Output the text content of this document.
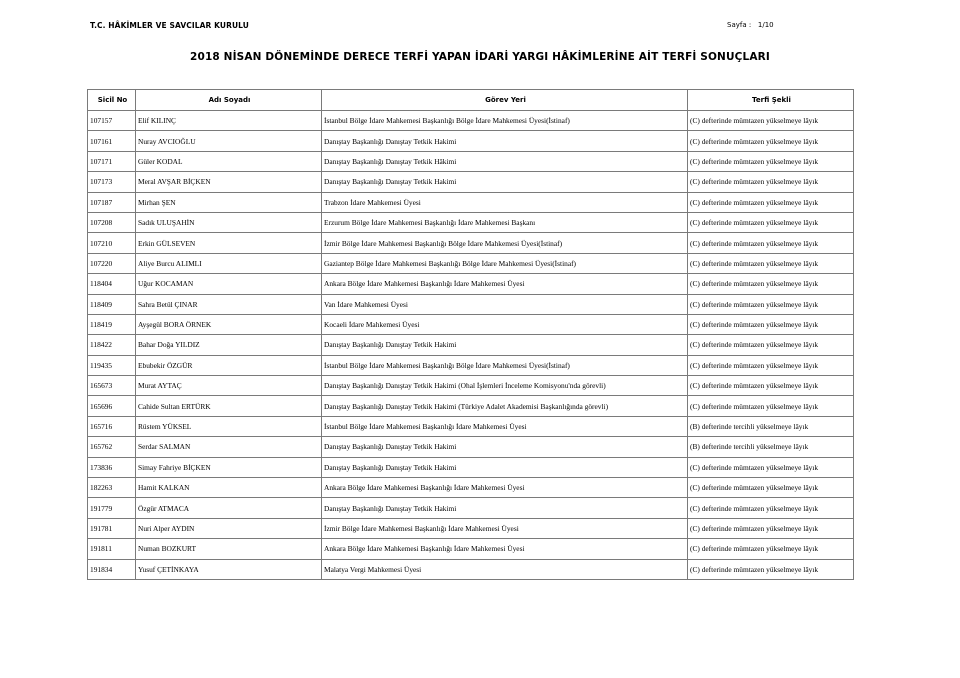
T.C. HÂKİMLER VE SAVCILAR KURULU	Sayfa : 1/10
2018 NİSAN DÖNEMİNDE DERECE TERFİ YAPAN İDARİ YARGI HÂKİMLERİNE AİT TERFİ SONUÇLARI
Sicil No	Adı Soyadı	Görev Yeri	Terfi Şekli
107157	Elif KILINÇ	İstanbul Bölge İdare Mahkemesi Başkanlığı Bölge İdare Mahkemesi Üyesi(İstinaf)	(C) defterinde mümtazen yükselmeye lâyık
107161	Nuray AVCIOĞLU	Danıştay Başkanlığı Danıştay Tetkik Hakimi	(C) defterinde mümtazen yükselmeye lâyık
107171	Güler KODAL	Danıştay Başkanlığı Danıştay Tetkik Hâkimi	(C) defterinde mümtazen yükselmeye lâyık
107173	Meral AVŞAR BİÇKEN	Danıştay Başkanlığı Danıştay Tetkik Hakimi	(C) defterinde mümtazen yükselmeye lâyık
107187	Mirhan ŞEN	Trabzon İdare Mahkemesi Üyesi	(C) defterinde mümtazen yükselmeye lâyık
107208	Sadık ULUŞAHİN	Erzurum Bölge İdare Mahkemesi Başkanlığı İdare Mahkemesi Başkanı	(C) defterinde mümtazen yükselmeye lâyık
107210	Erkin GÜLSEVEN	İzmir Bölge İdare Mahkemesi Başkanlığı Bölge İdare Mahkemesi Üyesi(İstinaf)	(C) defterinde mümtazen yükselmeye lâyık
107220	Aliye Burcu ALIMLI	Gaziantep Bölge İdare Mahkemesi Başkanlığı Bölge İdare Mahkemesi Üyesi(İstinaf)	(C) defterinde mümtazen yükselmeye lâyık
118404	Uğur KOCAMAN	Ankara Bölge İdare Mahkemesi Başkanlığı İdare Mahkemesi Üyesi	(C) defterinde mümtazen yükselmeye lâyık
118409	Sahra Betül ÇINAR	Van İdare Mahkemesi Üyesi	(C) defterinde mümtazen yükselmeye lâyık
118419	Ayşegül BORA ÖRNEK	Kocaeli İdare Mahkemesi Üyesi	(C) defterinde mümtazen yükselmeye lâyık
118422	Bahar Doğa YILDIZ	Danıştay Başkanlığı Danıştay Tetkik Hakimi	(C) defterinde mümtazen yükselmeye lâyık
119435	Ebubekir ÖZGÜR	İstanbul Bölge İdare Mahkemesi Başkanlığı Bölge İdare Mahkemesi Üyesi(İstinaf)	(C) defterinde mümtazen yükselmeye lâyık
165673	Murat AYTAÇ	Danıştay Başkanlığı Danıştay Tetkik Hakimi (Ohal İşlemleri İnceleme Komisyonu'nda görevli)	(C) defterinde mümtazen yükselmeye lâyık
165696	Cahide Sultan ERTÜRK	Danıştay Başkanlığı Danıştay Tetkik Hakimi (Türkiye Adalet Akademisi Başkanlığında görevli)	(C) defterinde mümtazen yükselmeye lâyık
165716	Rüstem YÜKSEL	İstanbul Bölge İdare Mahkemesi Başkanlığı İdare Mahkemesi Üyesi	(B) defterinde tercihli yükselmeye lâyık
165762	Serdar SALMAN	Danıştay Başkanlığı Danıştay Tetkik Hakimi	(B) defterinde tercihli yükselmeye lâyık
173836	Simay Fahriye BİÇKEN	Danıştay Başkanlığı Danıştay Tetkik Hakimi	(C) defterinde mümtazen yükselmeye lâyık
182263	Hamit KALKAN	Ankara Bölge İdare Mahkemesi Başkanlığı İdare Mahkemesi Üyesi	(C) defterinde mümtazen yükselmeye lâyık
191779	Özgür ATMACA	Danıştay Başkanlığı Danıştay Tetkik Hakimi	(C) defterinde mümtazen yükselmeye lâyık
191781	Nuri Alper AYDIN	İzmir Bölge İdare Mahkemesi Başkanlığı İdare Mahkemesi Üyesi	(C) defterinde mümtazen yükselmeye lâyık
191811	Numan BOZKURT	Ankara Bölge İdare Mahkemesi Başkanlığı İdare Mahkemesi Üyesi	(C) defterinde mümtazen yükselmeye lâyık
191834	Yusuf ÇETİNKAYA	Malatya Vergi Mahkemesi Üyesi	(C) defterinde mümtazen yükselmeye lâyık
